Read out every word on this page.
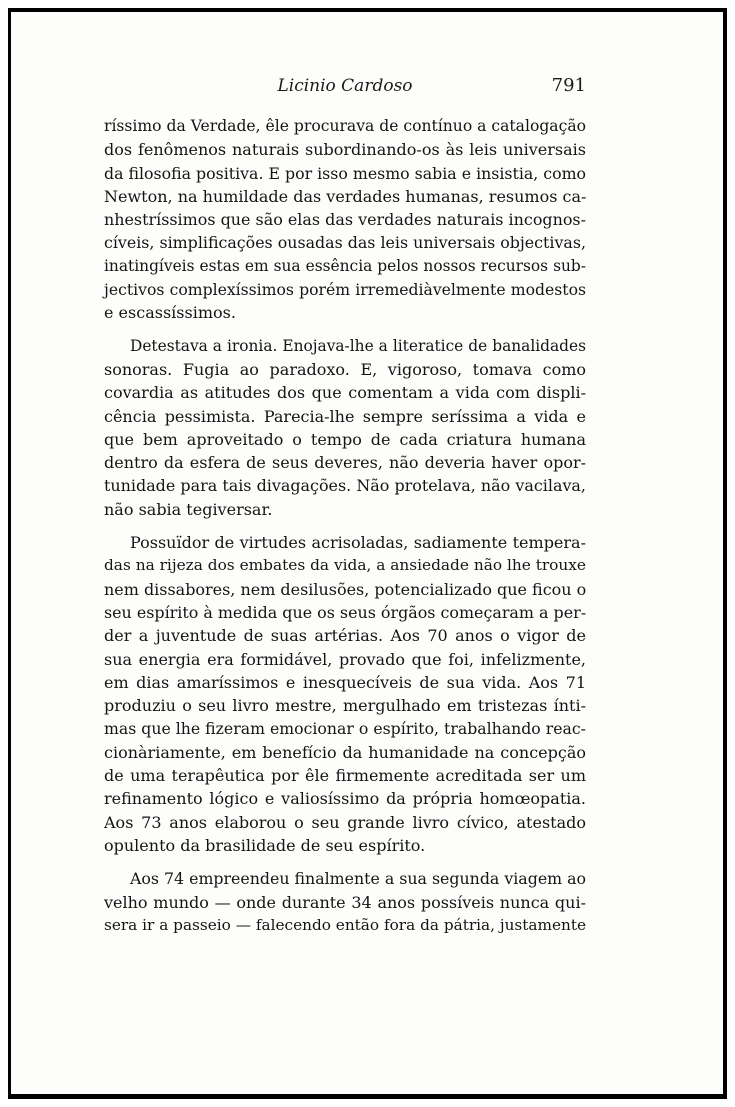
Licinio Cardoso	791

ríssimo da Verdade, êle procurava de contínuo a catalogação
dos fenômenos naturais subordinando-os às leis universais
da filosofia positiva. E por isso mesmo sabia e insistia, como
Newton, na humildade das verdades humanas, resumos ca-
nhestríssimos que são elas das verdades naturais incognos-
cíveis, simplificações ousadas das leis universais objectivas,
inatingíveis estas em sua essência pelos nossos recursos sub-
jectivos complexíssimos porém irremediàvelmente modestos
e escassíssimos.

Detestava a ironia. Enojava-lhe a literatice de banalidades
sonoras. Fugia ao paradoxo. E, vigoroso, tomava como
covardia as atitudes dos que comentam a vida com displi-
cência pessimista. Parecia-lhe sempre seríssima a vida e
que bem aproveitado o tempo de cada criatura humana
dentro da esfera de seus deveres, não deveria haver opor-
tunidade para tais divagações. Não protelava, não vacilava,
não sabia tegiversar.

Possuïdor de virtudes acrisoladas, sadiamente tempera-
das na rijeza dos embates da vida, a ansiedade não lhe trouxe
nem dissabores, nem desilusões, potencializado que ficou o
seu espírito à medida que os seus órgãos começaram a per-
der a juventude de suas artérias. Aos 70 anos o vigor de
sua energia era formidável, provado que foi, infelizmente,
em dias amaríssimos e inesquecíveis de sua vida. Aos 71
produziu o seu livro mestre, mergulhado em tristezas ínti-
mas que lhe fizeram emocionar o espírito, trabalhando reac-
cionàriamente, em benefício da humanidade na concepção
de uma terapêutica por êle firmemente acreditada ser um
refinamento lógico e valiosíssimo da própria homœopatia.
Aos 73 anos elaborou o seu grande livro cívico, atestado
opulento da brasilidade de seu espírito.

Aos 74 empreendeu finalmente a sua segunda viagem ao
velho mundo — onde durante 34 anos possíveis nunca qui-
sera ir a passeio — falecendo então fora da pátria, justamente
